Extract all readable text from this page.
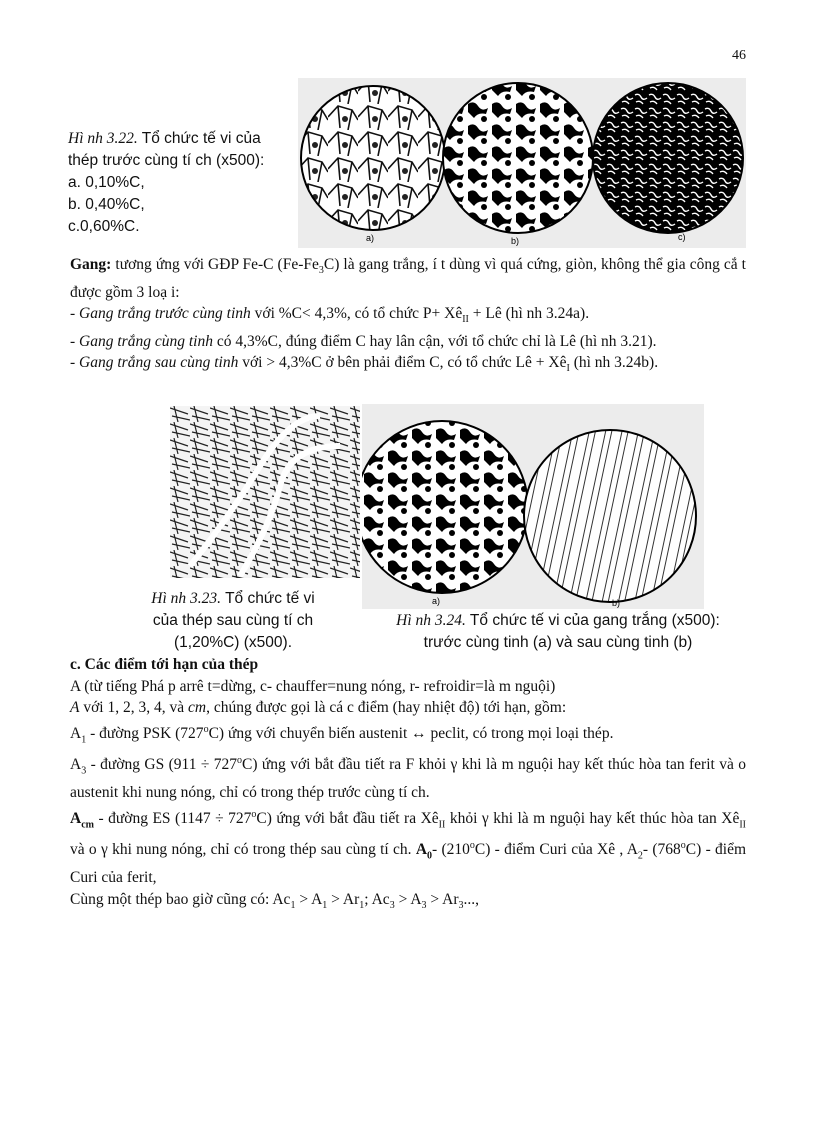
46
Hì nh 3.22. Tổ chức tế vi của
thép trước cùng tí ch (x500):
a. 0,10%C,
b. 0,40%C,
c.0,60%C.
a)	b)	c)

Gang: tương ứng với GĐP Fe-C $(Fe-Fe_3C)$ là gang trắng, í t dùng vì quá cứng, giòn, không thể gia công cắ t được gồm 3 loạ i:

- Gang trắng trước cùng tinh với %C< 4,3%, có tổ chức $P+ Xê_{II}$ + Lê (hì nh 3.24a).

- Gang trắng cùng tinh có 4,3%C, đúng điểm C hay lân cận, với tổ chức chỉ là Lê (hì nh 3.21).

- Gang trắng sau cùng tinh với > 4,3%C ở bên phải điểm C, có tổ chức Lê + $Xê_I$ (hì nh 3.24b).

a)	b)
Hì nh 3.23. Tổ chức tế vi
của thép sau cùng tí ch
(1,20%C) (x500).
Hì nh 3.24. Tổ chức tế vi của gang trắng (x500):
trước cùng tinh (a) và sau cùng tinh (b)

c. Các điểm tới hạn của thép

A (từ tiếng Phá p arrê t=dừng, c- chauffer=nung nóng, r- refroidir=là m nguội)

A với 1, 2, 3, 4, và cm, chúng được gọi là cá c điểm (hay nhiệt độ) tới hạn, gồm:

$A_1$ - đường PSK (727$^o$C) ứng với chuyển biến austenit ↔ peclit, có trong mọi loại thép.

$A_3$ - đường GS $(911 \div 727^oC)$ ứng với bắt đầu tiết ra F khỏi γ khi là m nguội hay kết thúc hòa tan ferit và o austenit khi nung nóng, chỉ có trong thép trước cùng tí ch.

$A_{cm}$ - đường ES $(1147 \div 727^oC)$ ứng với bắt đầu tiết ra $Xê_{II}$ khỏi γ khi là m nguội hay kết thúc hòa $\tan Xê_{II}$ và o γ khi nung nóng, chỉ có trong thép sau cùng tí ch. $A_0-$ (210$^o$C) - điểm Curi của Xê , $A_2-$ (768$^o$C) - điểm Curi của ferit,

Cùng một thép bao giờ cũng có: $Ac_1 > A_1 > Ar_1$; $Ac_3 > A_3 > Ar_3$...,
